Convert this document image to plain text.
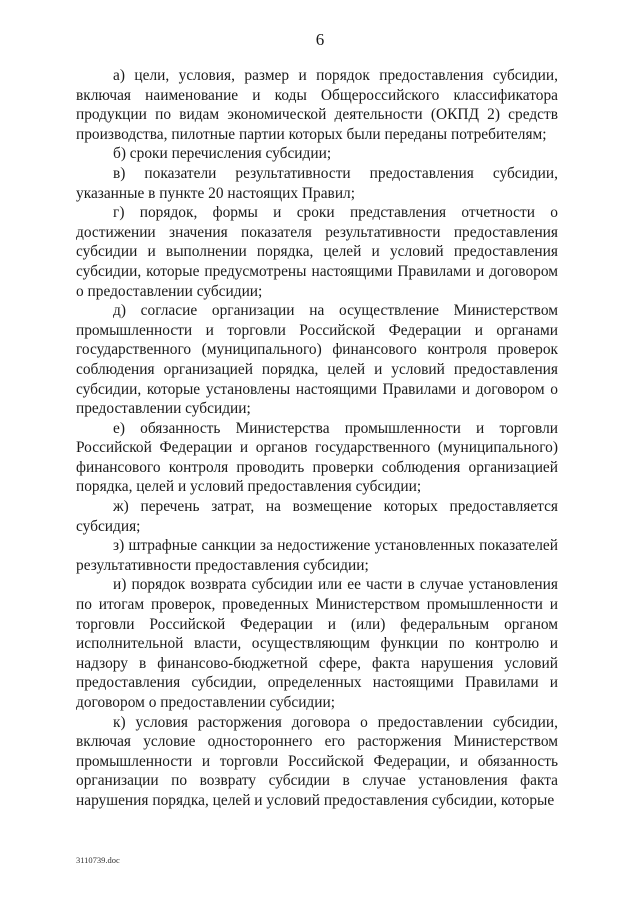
6

а) цели, условия, размер и порядок предоставления субсидии, включая наименование и коды Общероссийского классификатора продукции по видам экономической деятельности (ОКПД 2) средств производства, пилотные партии которых были переданы потребителям;

б) сроки перечисления субсидии;

в) показатели результативности предоставления субсидии, указанные в пункте 20 настоящих Правил;

г) порядок, формы и сроки представления отчетности о достижении значения показателя результативности предоставления субсидии и выполнении порядка, целей и условий предоставления субсидии, которые предусмотрены настоящими Правилами и договором о предоставлении субсидии;

д) согласие организации на осуществление Министерством промышленности и торговли Российской Федерации и органами государственного (муниципального) финансового контроля проверок соблюдения организацией порядка, целей и условий предоставления субсидии, которые установлены настоящими Правилами и договором о предоставлении субсидии;

е) обязанность Министерства промышленности и торговли Российской Федерации и органов государственного (муниципального) финансового контроля проводить проверки соблюдения организацией порядка, целей и условий предоставления субсидии;

ж) перечень затрат, на возмещение которых предоставляется субсидия;

з) штрафные санкции за недостижение установленных показателей результативности предоставления субсидии;

и) порядок возврата субсидии или ее части в случае установления по итогам проверок, проведенных Министерством промышленности и торговли Российской Федерации и (или) федеральным органом исполнительной власти, осуществляющим функции по контролю и надзору в финансово-бюджетной сфере, факта нарушения условий предоставления субсидии, определенных настоящими Правилами и договором о предоставлении субсидии;

к) условия расторжения договора о предоставлении субсидии, включая условие одностороннего его расторжения Министерством промышленности и торговли Российской Федерации, и обязанность организации по возврату субсидии в случае установления факта нарушения порядка, целей и условий предоставления субсидии, которые

3110739.doc
